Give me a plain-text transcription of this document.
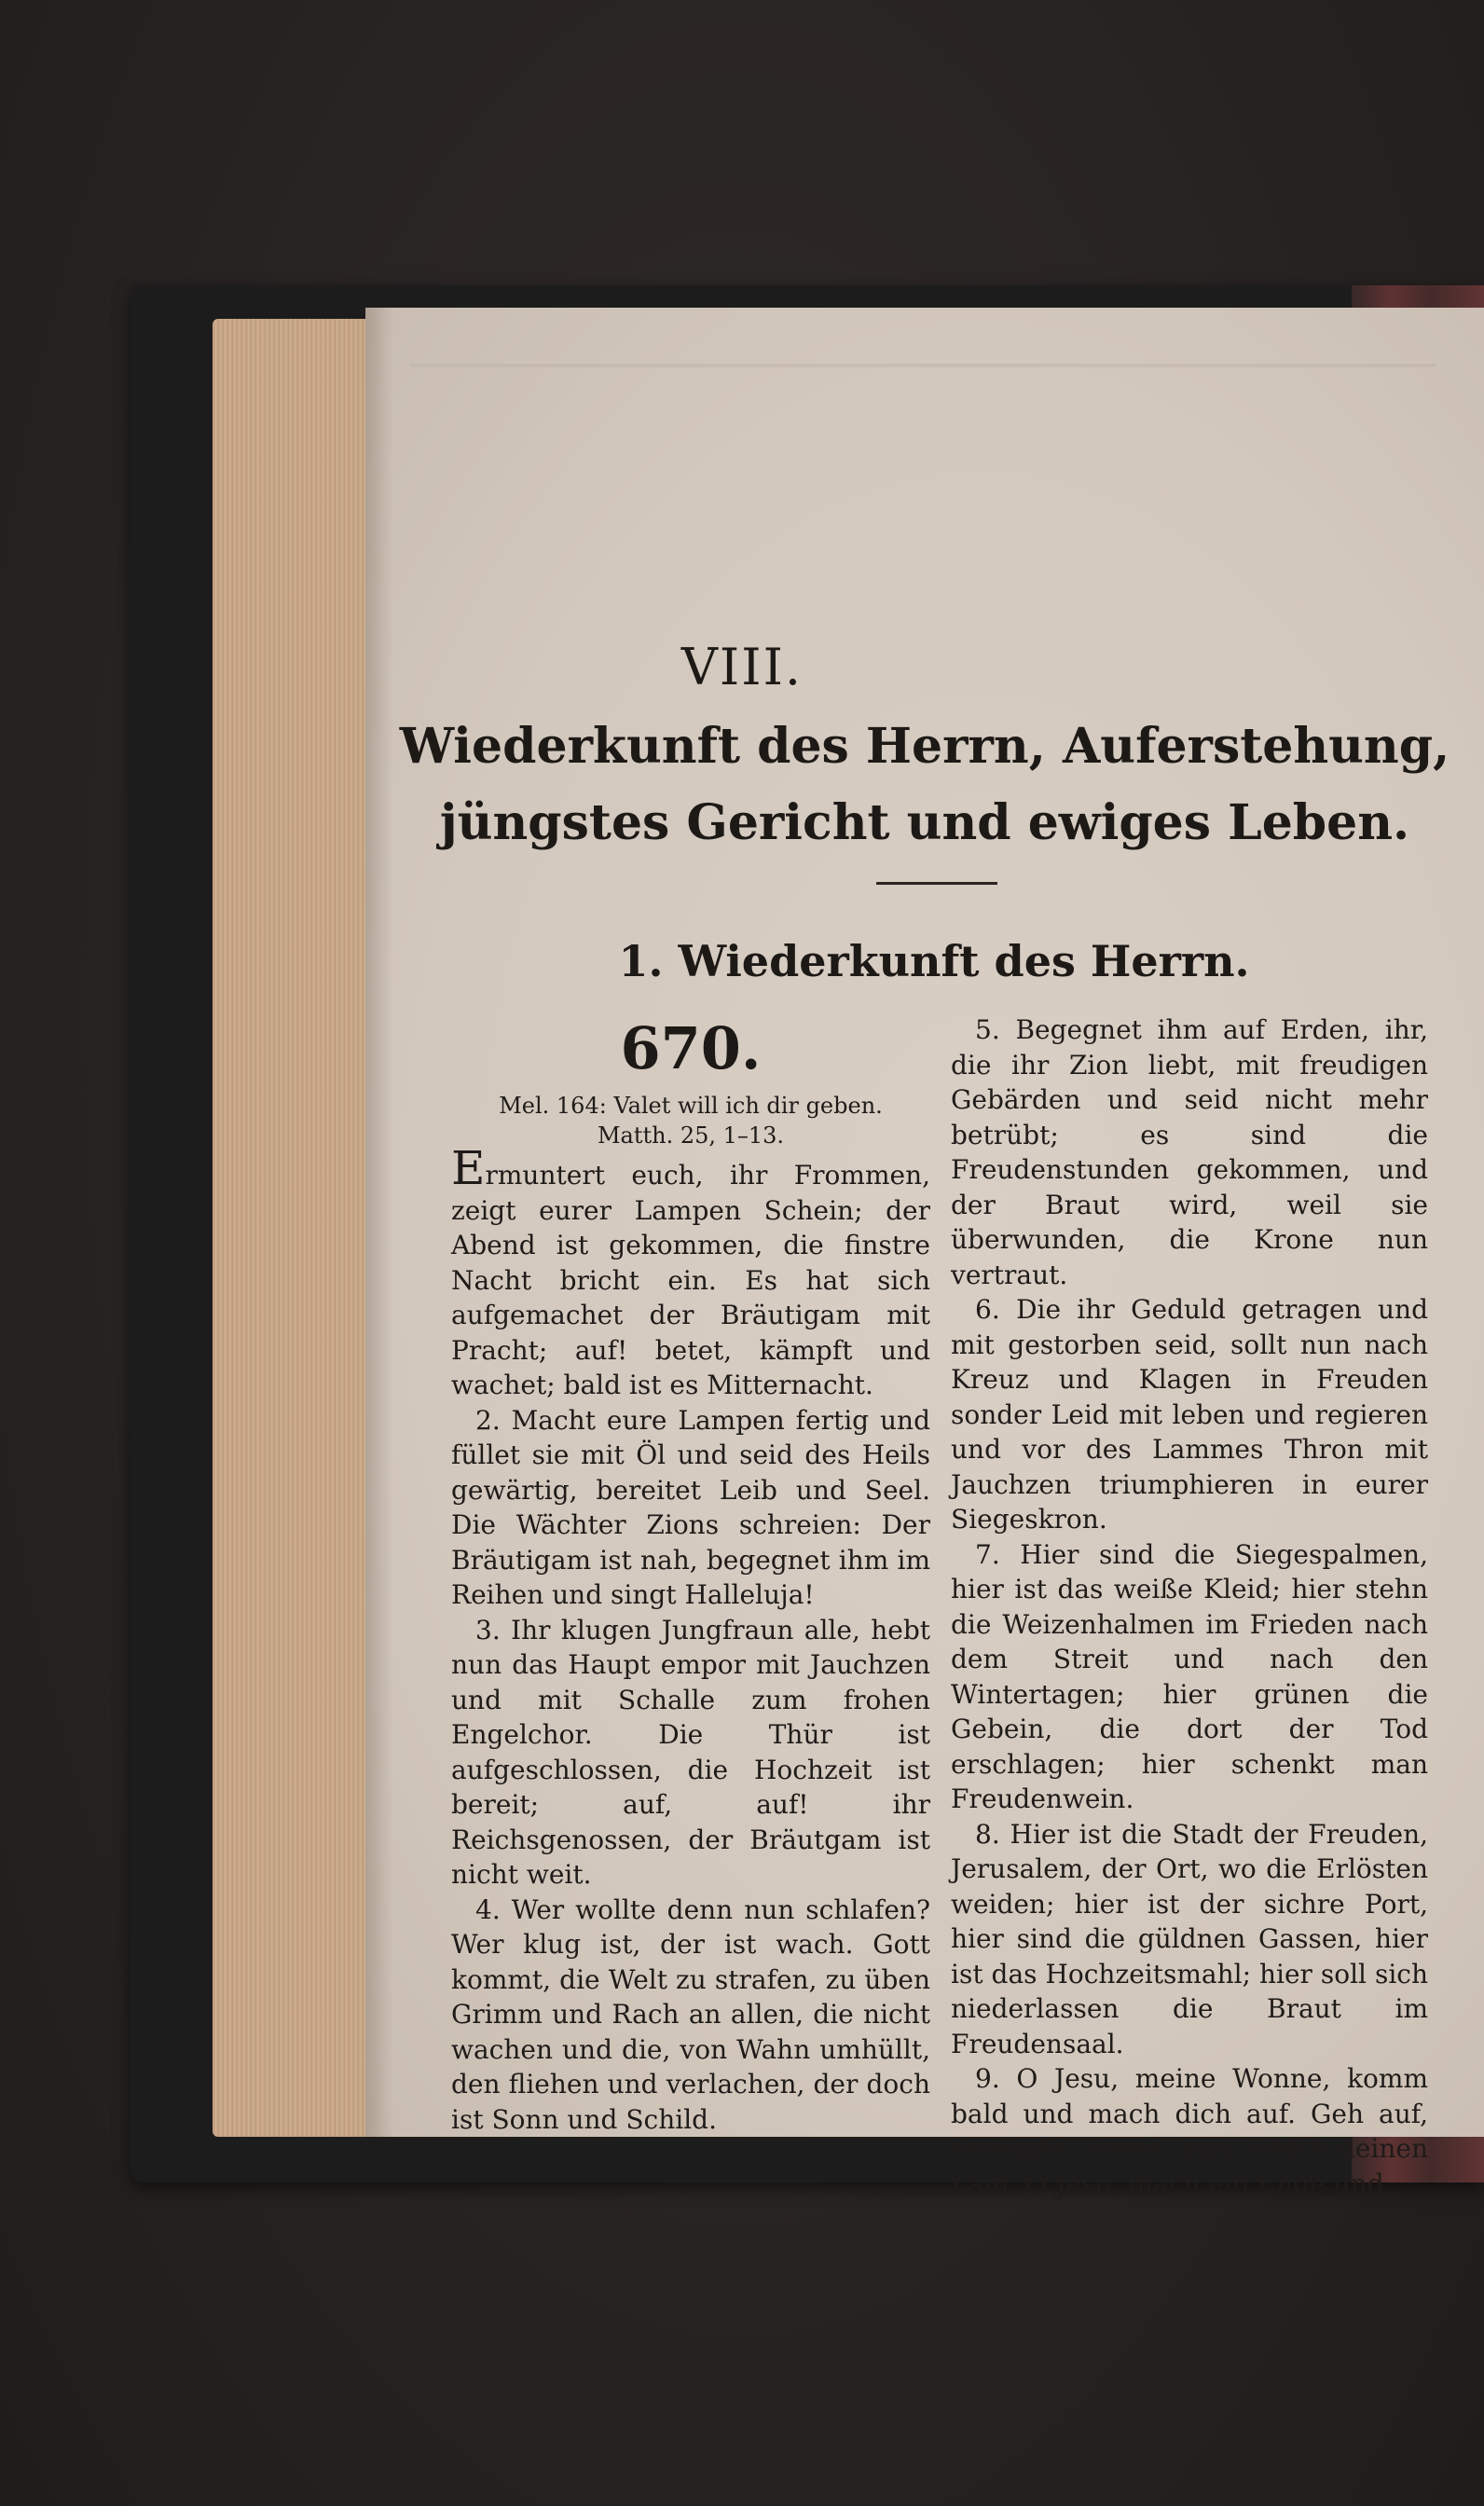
VIII.
Wiederkunft des Herrn, Auferstehung,
jüngstes Gericht und ewiges Leben.
1. Wiederkunft des Herrn.
670.
Mel. 164: Valet will ich dir geben.
Matth. 25, 1–13.

Ermuntert euch, ihr Frommen, zeigt eurer Lampen Schein; der Abend ist gekommen, die finstre Nacht bricht ein. Es hat sich aufgemachet der Bräutigam mit Pracht; auf! betet, kämpft und wachet; bald ist es Mitternacht.

2. Macht eure Lampen fertig und füllet sie mit Öl und seid des Heils gewärtig, bereitet Leib und Seel. Die Wächter Zions schreien: Der Bräutigam ist nah, begegnet ihm im Reihen und singt Halleluja!

3. Ihr klugen Jungfraun alle, hebt nun das Haupt empor mit Jauchzen und mit Schalle zum frohen Engelchor. Die Thür ist aufgeschlossen, die Hochzeit ist bereit; auf, auf! ihr Reichsgenossen, der Bräutgam ist nicht weit.

4. Wer wollte denn nun schlafen? Wer klug ist, der ist wach. Gott kommt, die Welt zu strafen, zu üben Grimm und Rach an allen, die nicht wachen und die, von Wahn umhüllt, den fliehen und verlachen, der doch ist Sonn und Schild.

5. Begegnet ihm auf Erden, ihr, die ihr Zion liebt, mit freudigen Gebärden und seid nicht mehr betrübt; es sind die Freudenstunden gekommen, und der Braut wird, weil sie überwunden, die Krone nun vertraut.

6. Die ihr Geduld getragen und mit gestorben seid, sollt nun nach Kreuz und Klagen in Freuden sonder Leid mit leben und regieren und vor des Lammes Thron mit Jauchzen triumphieren in eurer Siegeskron.

7. Hier sind die Siegespalmen, hier ist das weiße Kleid; hier stehn die Weizenhalmen im Frieden nach dem Streit und nach den Wintertagen; hier grünen die Gebein, die dort der Tod erschlagen; hier schenkt man Freudenwein.

8. Hier ist die Stadt der Freuden, Jerusalem, der Ort, wo die Erlösten weiden; hier ist der sichre Port, hier sind die güldnen Gassen, hier ist das Hochzeitsmahl; hier soll sich niederlassen die Braut im Freudensaal.

9. O Jesu, meine Wonne, komm bald und mach dich auf. Geh auf, ersehnte Sonne, und fördre deinen Lauf. O Jesu, mach ein Ende und
